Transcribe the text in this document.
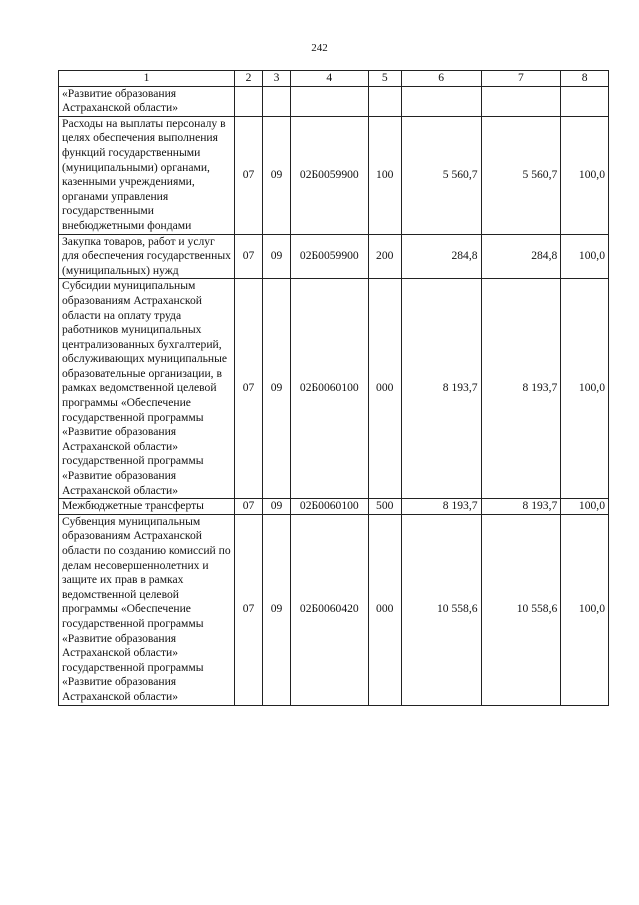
242
1	2	3	4	5	6	7	8
«Развитие образования Астраханской области»							
Расходы на выплаты персоналу в целях обеспечения выполнения функций государственными (муниципальными) органами, казенными учреждениями, органами управления государственными внебюджетными фондами	07	09	02Б0059900	100	5 560,7	5 560,7	100,0
Закупка товаров, работ и услуг для обеспечения государственных (муниципальных) нужд	07	09	02Б0059900	200	284,8	284,8	100,0
Субсидии муниципальным образованиям Астраханской области на оплату труда работников муниципальных централизованных бухгалтерий, обслуживающих муниципальные образовательные организации, в рамках ведомственной целевой программы «Обеспечение государственной программы «Развитие образования Астраханской области» государственной программы «Развитие образования Астраханской области»	07	09	02Б0060100	000	8 193,7	8 193,7	100,0
Межбюджетные трансферты	07	09	02Б0060100	500	8 193,7	8 193,7	100,0
Субвенция муниципальным образованиям Астраханской области по созданию комиссий по делам несовершеннолетних и защите их прав в рамках ведомственной целевой программы «Обеспечение государственной программы «Развитие образования Астраханской области» государственной программы «Развитие образования Астраханской области»	07	09	02Б0060420	000	10 558,6	10 558,6	100,0
